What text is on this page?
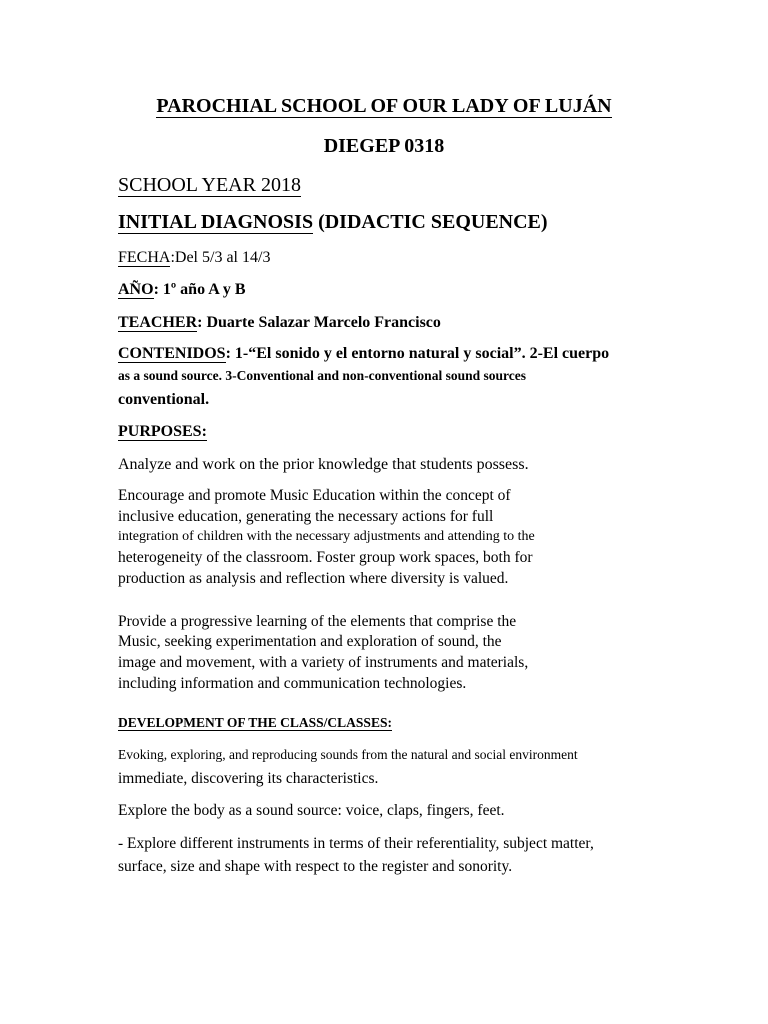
PAROCHIAL SCHOOL OF OUR LADY OF LUJÁN
DIEGEP 0318
SCHOOL YEAR 2018
INITIAL DIAGNOSIS (DIDACTIC SEQUENCE)
FECHA:Del 5/3 al 14/3
AÑO: 1º año A y B
TEACHER: Duarte Salazar Marcelo Francisco
CONTENIDOS: 1-“El sonido y el entorno natural y social”. 2-El cuerpo
as a sound source. 3-Conventional and non-conventional sound sources
conventional.
PURPOSES:
Analyze and work on the prior knowledge that students possess.
Encourage and promote Music Education within the concept of
inclusive education, generating the necessary actions for full
integration of children with the necessary adjustments and attending to the
heterogeneity of the classroom. Foster group work spaces, both for
production as analysis and reflection where diversity is valued.
Provide a progressive learning of the elements that comprise the
Music, seeking experimentation and exploration of sound, the
image and movement, with a variety of instruments and materials,
including information and communication technologies.
DEVELOPMENT OF THE CLASS/CLASSES:
Evoking, exploring, and reproducing sounds from the natural and social environment
immediate, discovering its characteristics.
Explore the body as a sound source: voice, claps, fingers, feet.
- Explore different instruments in terms of their referentiality, subject matter,
surface, size and shape with respect to the register and sonority.
